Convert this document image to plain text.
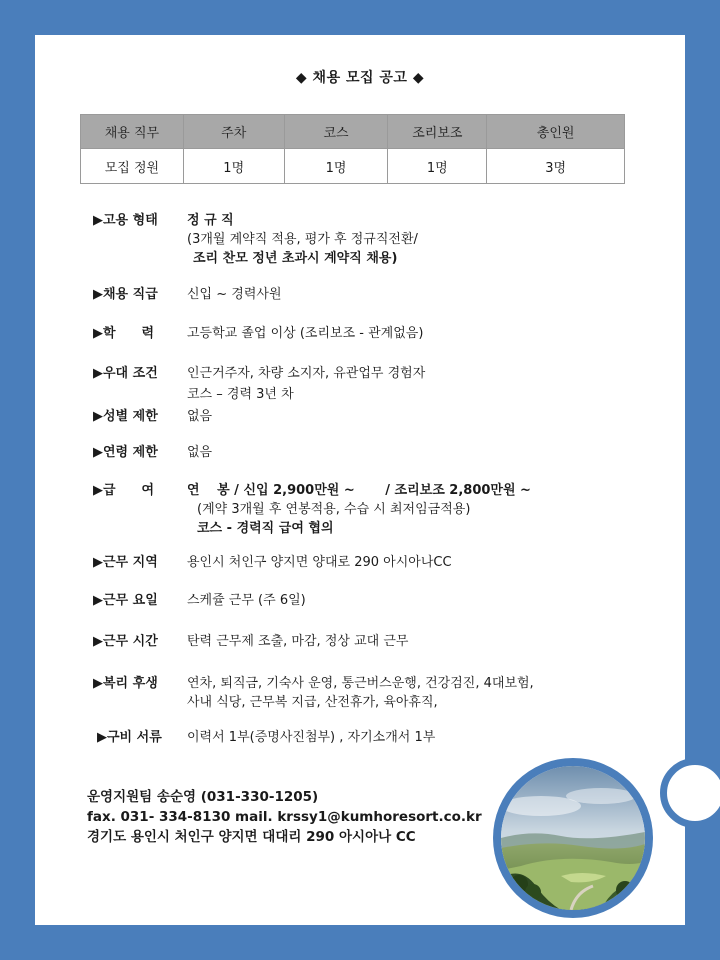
◆ 채용 모집 공고 ◆
채용 직무	주차	코스	조리보조	총인원
모집 정원	1명	1명	1명	3명
▶고용 형태 정 규 직
(3개월 계약직 적용, 평가 후 정규직전환/
조리 찬모 정년 초과시 계약직 채용)
▶채용 직급 신입 ~ 경력사원
▶학　　력	고등학교 졸업 이상 (조리보조 - 관계없음)
▶우대 조건 인근거주자, 차량 소지자, 유관업무 경험자
코스 – 경력 3년 차
▶성별 제한 없음
▶연령 제한 없음
▶급　　여	연　 봉 / 신입 2,900만원 ~　　 / 조리보조 2,800만원 ~
(계약 3개월 후 연봉적용, 수습 시 최저임금적용)
코스 - 경력직 급여 협의
▶근무 지역 용인시 처인구 양지면 양대로 290 아시아나CC
▶근무 요일 스케쥴 근무 (주 6일)
▶근무 시간 탄력 근무제 조출, 마감, 정상 교대 근무
▶복리 후생 연차, 퇴직금, 기숙사 운영, 통근버스운행, 건강검진, 4대보험,
사내 식당, 근무복 지급, 산전휴가, 육아휴직,
▶구비 서류 이력서 1부(증명사진첨부) , 자기소개서 1부
운영지원팀 송순영 (031-330-1205)
fax. 031- 334-8130 mail. krssy1@kumhoresort.co.kr
경기도 용인시 처인구 양지면 대대리 290 아시아나 CC
